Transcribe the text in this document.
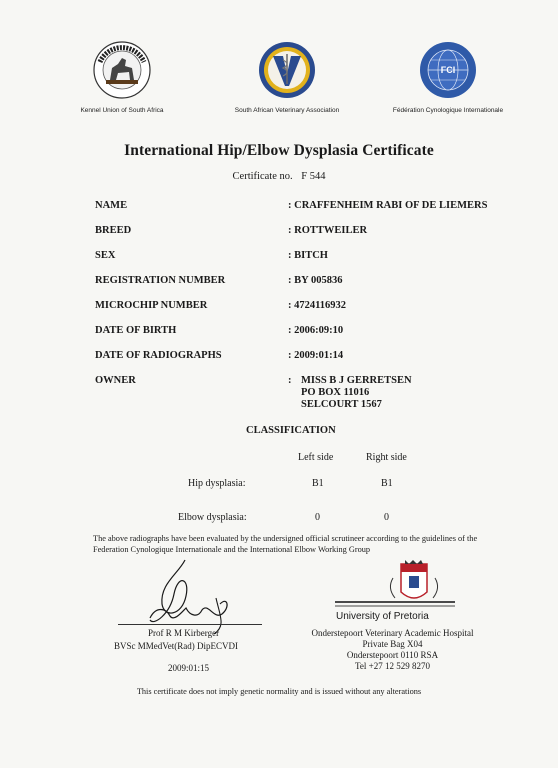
Kennel Union of South Africa	South African Veterinary Association
FCI
Fédération Cynologique Internationale
International Hip/Elbow Dysplasia Certificate
Certificate no. F 544
NAME	: CRAFFENHEIM RABI OF DE LIEMERS
BREED	: ROTTWEILER
SEX	: BITCH
REGISTRATION NUMBER	: BY 005836
MICROCHIP NUMBER	: 4724116932
DATE OF BIRTH	: 2006:09:10
DATE OF RADIOGRAPHS	: 2009:01:14
OWNER	: MISS B J GERRETSEN
PO BOX 11016
SELCOURT 1567
CLASSIFICATION
Left side	Right side
Hip dysplasia:	B1	B1
Elbow dysplasia:	0	0
The above radiographs have been evaluated by the undersigned official scrutineer according to the guidelines of the Federation Cynologique Internationale and the International Elbow Working Group
Prof R M Kirberger
BVSc MMedVet(Rad) DipECVDI
2009:01:15
University of Pretoria
Onderstepoort Veterinary Academic Hospital
Private Bag X04
Onderstepoort 0110 RSA
Tel +27 12 529 8270
This certificate does not imply genetic normality and is issued without any alterations
